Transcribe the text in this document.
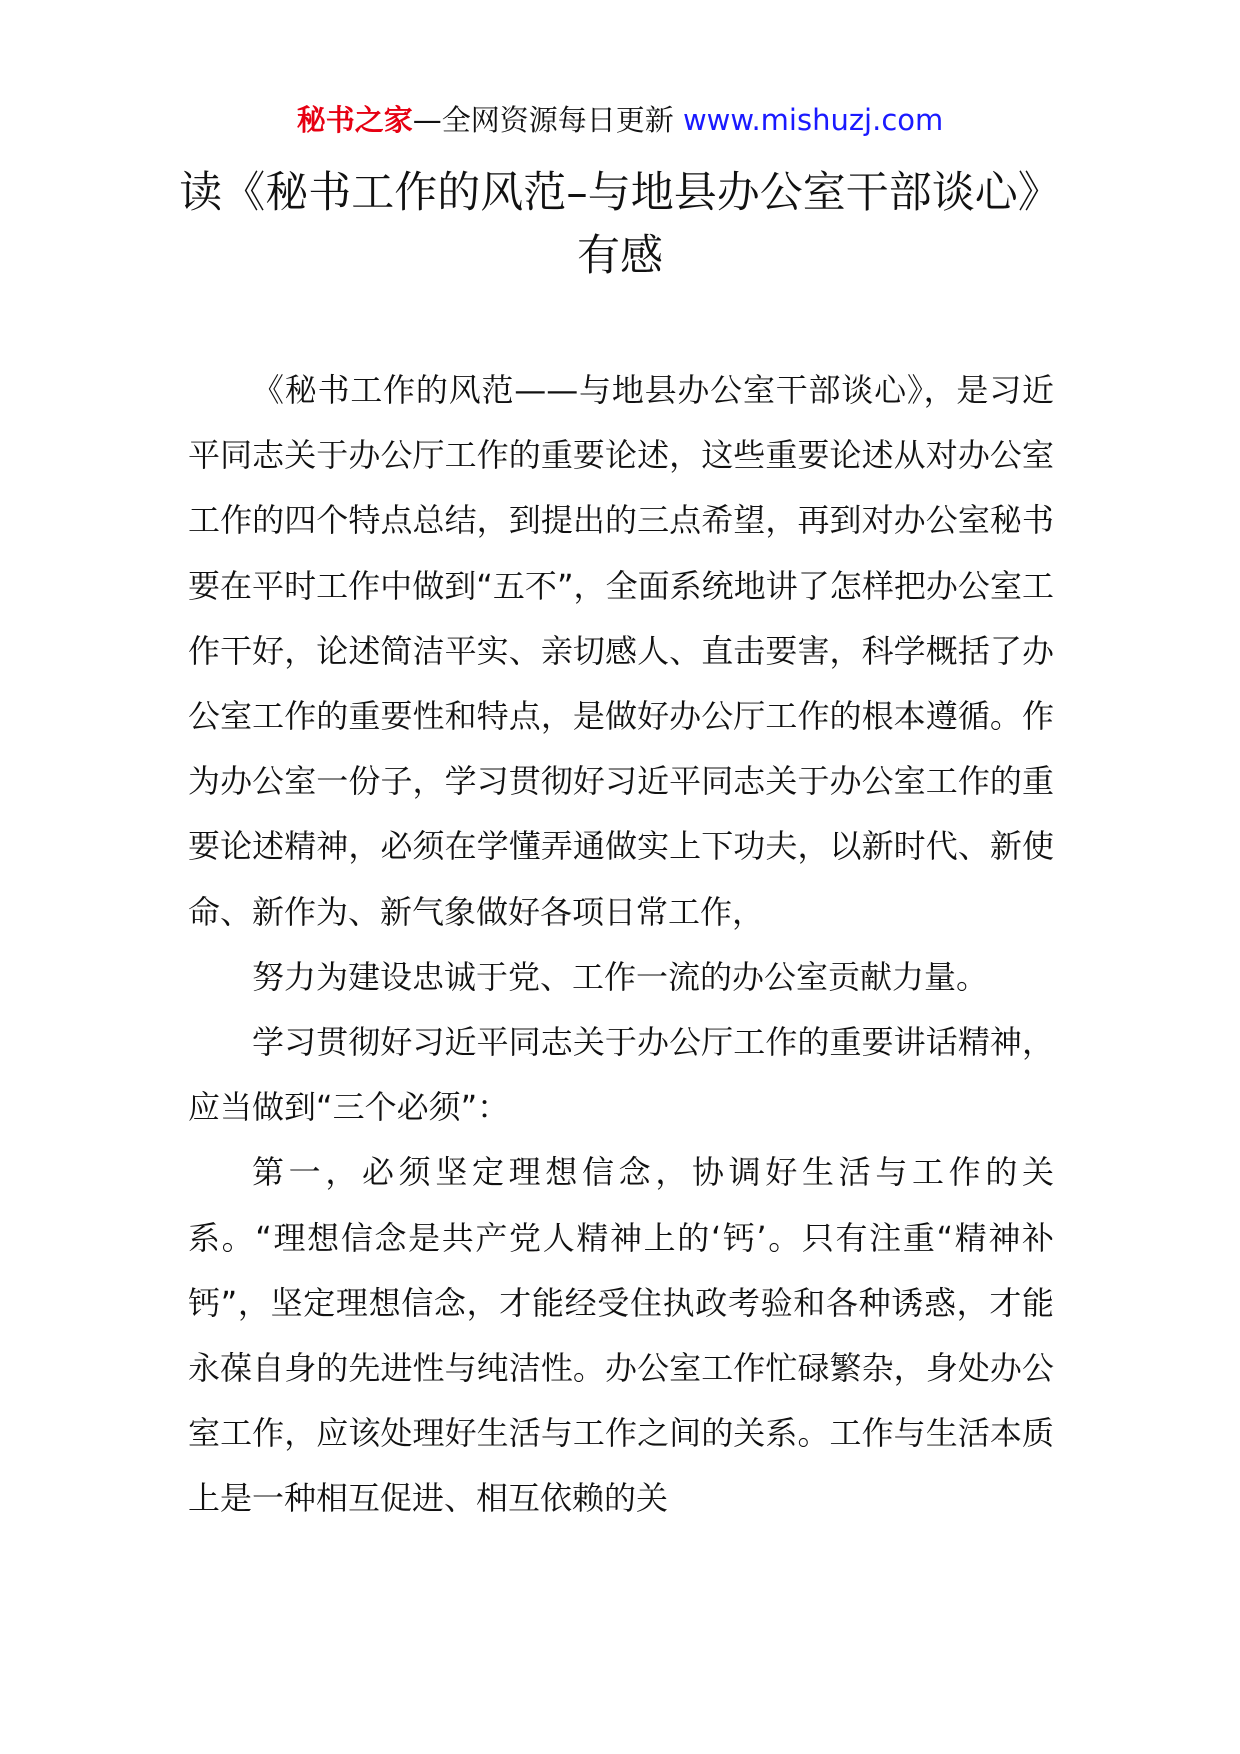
秘书之家—全网资源每日更新 www.mishuzj.com
读《秘书工作的风范–与地县办公室干部谈心》有感

《秘书工作的风范——与地县办公室干部谈心》，是习近平同志关于办公厅工作的重要论述，这些重要论述从对办公室工作的四个特点总结，到提出的三点希望，再到对办公室秘书要在平时工作中做到“五不”，全面系统地讲了怎样把办公室工作干好，论述简洁平实、亲切感人、直击要害，科学概括了办公室工作的重要性和特点，是做好办公厅工作的根本遵循。作为办公室一份子，学习贯彻好习近平同志关于办公室工作的重要论述精神，必须在学懂弄通做实上下功夫，以新时代、新使命、新作为、新气象做好各项日常工作，

努力为建设忠诚于党、工作一流的办公室贡献力量。

学习贯彻好习近平同志关于办公厅工作的重要讲话精神，应当做到“三个必须”：

第一，必须坚定理想信念，协调好生活与工作的关系。“理想信念是共产党人精神上的‘钙’。只有注重“精神补钙”，坚定理想信念，才能经受住执政考验和各种诱惑，才能永葆自身的先进性与纯洁性。办公室工作忙碌繁杂，身处办公室工作，应该处理好生活与工作之间的关系。工作与生活本质上是一种相互促进、相互依赖的关
